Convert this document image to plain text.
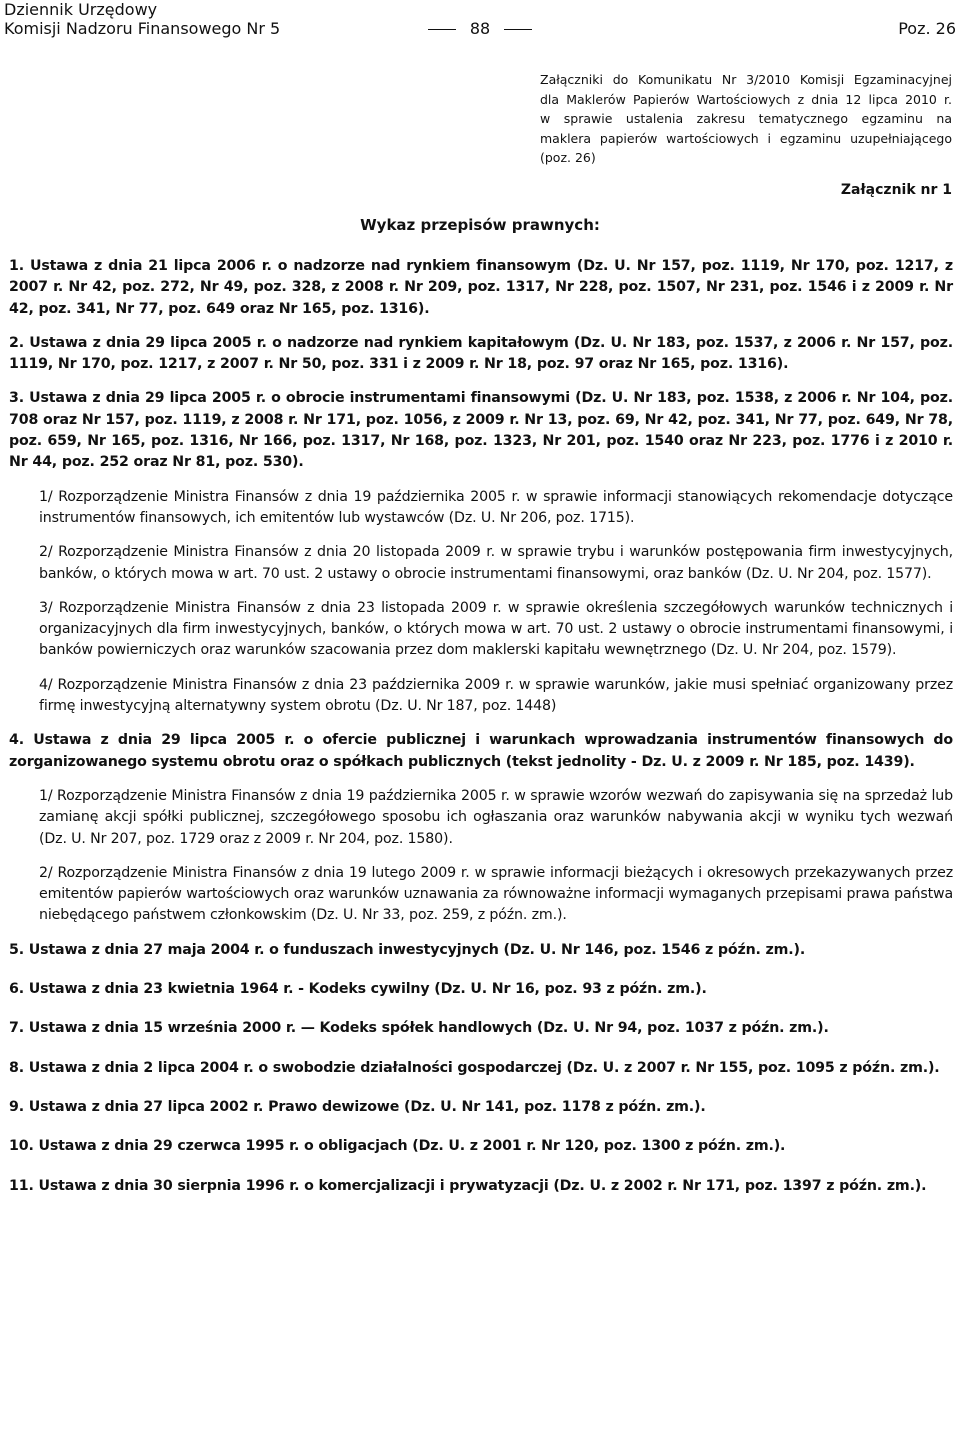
Dziennik Urzędowy
Komisji Nadzoru Finansowego Nr 5	88	Poz. 26
Załączniki do Komunikatu Nr 3/2010 Komisji Egzaminacyjnej
dla Maklerów Papierów Wartościowych z dnia 12 lipca 2010 r.
w sprawie ustalenia zakresu tematycznego egzaminu na
maklera papierów wartościowych i egzaminu uzupełniającego
(poz. 26)
Załącznik nr 1
Wykaz przepisów prawnych:
1. Ustawa z dnia 21 lipca 2006 r. o nadzorze nad rynkiem finansowym (Dz. U. Nr 157, poz. 1119, Nr 170, poz. 1217, z 2007 r. Nr 42, poz. 272, Nr 49, poz. 328, z 2008 r. Nr 209, poz. 1317, Nr 228, poz. 1507, Nr 231, poz. 1546 i z 2009 r. Nr 42, poz. 341, Nr 77, poz. 649 oraz Nr 165, poz. 1316).
2. Ustawa z dnia 29 lipca 2005 r. o nadzorze nad rynkiem kapitałowym (Dz. U. Nr 183, poz. 1537, z 2006 r. Nr 157, poz. 1119, Nr 170, poz. 1217, z 2007 r. Nr 50, poz. 331 i z 2009 r. Nr 18, poz. 97 oraz Nr 165, poz. 1316).
3. Ustawa z dnia 29 lipca 2005 r. o obrocie instrumentami finansowymi (Dz. U. Nr 183, poz. 1538, z 2006 r. Nr 104, poz. 708 oraz Nr 157, poz. 1119, z 2008 r. Nr 171, poz. 1056, z 2009 r. Nr 13, poz. 69, Nr 42, poz. 341, Nr 77, poz. 649, Nr 78, poz. 659, Nr 165, poz. 1316, Nr 166, poz. 1317, Nr 168, poz. 1323, Nr 201, poz. 1540 oraz Nr 223, poz. 1776 i z 2010 r. Nr 44, poz. 252 oraz Nr 81, poz. 530).
1/ Rozporządzenie Ministra Finansów z dnia 19 października 2005 r. w sprawie informacji stanowiących rekomendacje dotyczące instrumentów finansowych, ich emitentów lub wystawców (Dz. U. Nr 206, poz. 1715).
2/ Rozporządzenie Ministra Finansów z dnia 20 listopada 2009 r. w sprawie trybu i warunków postępowania firm inwestycyjnych, banków, o których mowa w art. 70 ust. 2 ustawy o obrocie instrumentami finansowymi, oraz banków (Dz. U. Nr 204, poz. 1577).
3/ Rozporządzenie Ministra Finansów z dnia 23 listopada 2009 r. w sprawie określenia szczegółowych warunków technicznych i organizacyjnych dla firm inwestycyjnych, banków, o których mowa w art. 70 ust. 2 ustawy o obrocie instrumentami finansowymi, i banków powierniczych oraz warunków szacowania przez dom maklerski kapitału wewnętrznego (Dz. U. Nr 204, poz. 1579).
4/ Rozporządzenie Ministra Finansów z dnia 23 października 2009 r. w sprawie warunków, jakie musi spełniać organizowany przez firmę inwestycyjną alternatywny system obrotu (Dz. U. Nr 187, poz. 1448)
4. Ustawa z dnia 29 lipca 2005 r. o ofercie publicznej i warunkach wprowadzania instrumentów finansowych do zorganizowanego systemu obrotu oraz o spółkach publicznych (tekst jednolity - Dz. U. z 2009 r. Nr 185, poz. 1439).
1/ Rozporządzenie Ministra Finansów z dnia 19 października 2005 r. w sprawie wzorów wezwań do zapisywania się na sprzedaż lub zamianę akcji spółki publicznej, szczegółowego sposobu ich ogłaszania oraz warunków nabywania akcji w wyniku tych wezwań (Dz. U. Nr 207, poz. 1729 oraz z 2009 r. Nr 204, poz. 1580).
2/ Rozporządzenie Ministra Finansów z dnia 19 lutego 2009 r. w sprawie informacji bieżących i okresowych przekazywanych przez emitentów papierów wartościowych oraz warunków uznawania za równoważne informacji wymaganych przepisami prawa państwa niebędącego państwem członkowskim (Dz. U. Nr 33, poz. 259, z późn. zm.).
5. Ustawa z dnia 27 maja 2004 r. o funduszach inwestycyjnych (Dz. U. Nr 146, poz. 1546 z późn. zm.).
6. Ustawa z dnia 23 kwietnia 1964 r. - Kodeks cywilny (Dz. U. Nr 16, poz. 93 z późn. zm.).
7. Ustawa z dnia 15 września 2000 r. — Kodeks spółek handlowych (Dz. U. Nr 94, poz. 1037 z późn. zm.).
8. Ustawa z dnia 2 lipca 2004 r. o swobodzie działalności gospodarczej (Dz. U. z 2007 r. Nr 155, poz. 1095 z późn. zm.).
9. Ustawa z dnia 27 lipca 2002 r. Prawo dewizowe (Dz. U. Nr 141, poz. 1178 z późn. zm.).
10. Ustawa z dnia 29 czerwca 1995 r. o obligacjach (Dz. U. z 2001 r. Nr 120, poz. 1300 z późn. zm.).
11. Ustawa z dnia 30 sierpnia 1996 r. o komercjalizacji i prywatyzacji (Dz. U. z 2002 r. Nr 171, poz. 1397 z późn. zm.).
